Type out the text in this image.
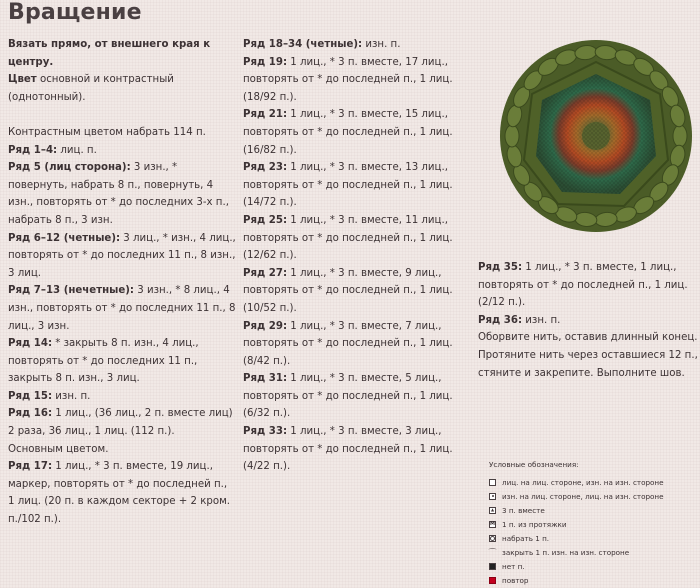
Вращение

Вязать прямо, от внешнего края к центру.

Цвет основной и контрастный (однотонный).

Контрастным цветом набрать 114 п.

Ряд 1–4: лиц. п.

Ряд 5 (лиц сторона): 3 изн., * повернуть, набрать 8 п., повернуть, 4 изн., повторять от * до последних 3-х п., набрать 8 п., 3 изн.

Ряд 6–12 (четные): 3 лиц., * изн., 4 лиц., повторять от * до последних 11 п., 8 изн., 3 лиц.

Ряд 7–13 (нечетные): 3 изн., * 8 лиц., 4 изн., повторять от * до последних 11 п., 8 лиц., 3 изн.

Ряд 14: * закрыть 8 п. изн., 4 лиц., повторять от * до последних 11 п., закрыть 8 п. изн., 3 лиц.

Ряд 15: изн. п.

Ряд 16: 1 лиц., (36 лиц., 2 п. вместе лиц) 2 раза, 36 лиц., 1 лиц. (112 п.).

Основным цветом.

Ряд 17: 1 лиц., * 3 п. вместе, 19 лиц., маркер, повторять от * до последней п., 1 лиц. (20 п. в каждом секторе + 2 кром. п./102 п.).

Ряд 18–34 (четные): изн. п.

Ряд 19: 1 лиц., * 3 п. вместе, 17 лиц., повторять от * до последней п., 1 лиц. (18/92 п.).

Ряд 21: 1 лиц., * 3 п. вместе, 15 лиц., повторять от * до последней п., 1 лиц. (16/82 п.).

Ряд 23: 1 лиц., * 3 п. вместе, 13 лиц., повторять от * до последней п., 1 лиц. (14/72 п.).

Ряд 25: 1 лиц., * 3 п. вместе, 11 лиц., повторять от * до последней п., 1 лиц. (12/62 п.).

Ряд 27: 1 лиц., * 3 п. вместе, 9 лиц., повторять от * до последней п., 1 лиц. (10/52 п.).

Ряд 29: 1 лиц., * 3 п. вместе, 7 лиц., повторять от * до последней п., 1 лиц. (8/42 п.).

Ряд 31: 1 лиц., * 3 п. вместе, 5 лиц., повторять от * до последней п., 1 лиц. (6/32 п.).

Ряд 33: 1 лиц., * 3 п. вместе, 3 лиц., повторять от * до последней п., 1 лиц. (4/22 п.).

Ряд 35: 1 лиц., * 3 п. вместе, 1 лиц., повторять от * до последней п., 1 лиц. (2/12 п.).

Ряд 36: изн. п.

Оборвите нить, оставив длинный конец. Протяните нить через оставшиеся 12 п., стяните и закрепите. Выполните шов.

Условные обозначения:

лиц. на лиц. стороне, изн. на изн. стороне
изн. на лиц. стороне, лиц. на изн. стороне
▲
3 п. вместе
M
1 п. из протяжки
набрать 1 п.
⌒
закрыть 1 п. изн. на изн. стороне
нет п.
повтор
